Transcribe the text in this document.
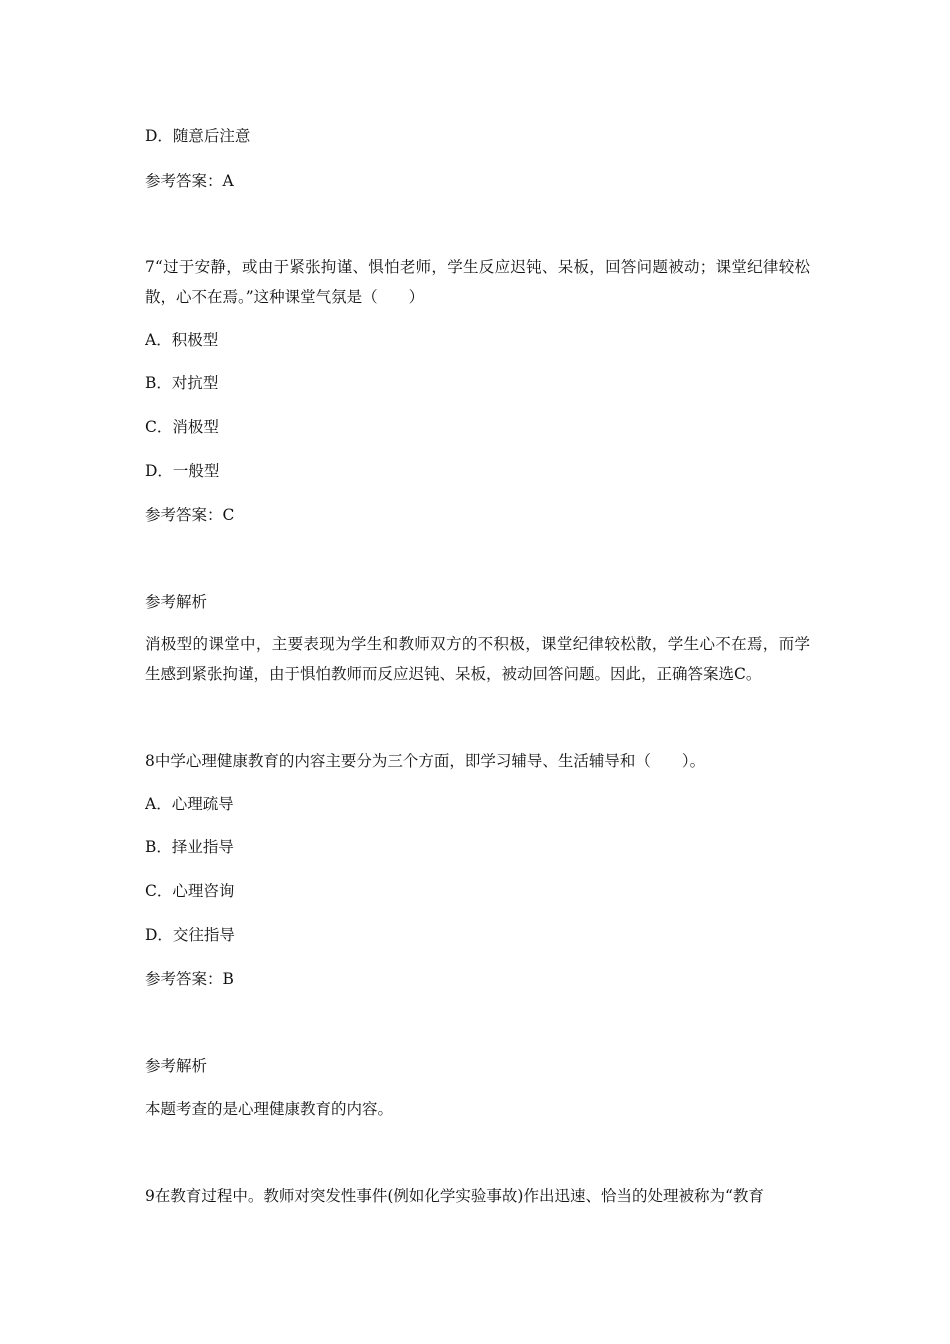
D．随意后注意
参考答案：A
7“过于安静，或由于紧张拘谨、惧怕老师，学生反应迟钝、呆板，回答问题被动；课堂纪律较松散，心不在焉。”这种课堂气氛是（　　）
A．积极型
B．对抗型
C．消极型
D．一般型
参考答案：C
参考解析
消极型的课堂中，主要表现为学生和教师双方的不积极，课堂纪律较松散，学生心不在焉，而学生感到紧张拘谨，由于惧怕教师而反应迟钝、呆板，被动回答问题。因此，正确答案选C。
8中学心理健康教育的内容主要分为三个方面，即学习辅导、生活辅导和（　　）。
A．心理疏导
B．择业指导
C．心理咨询
D．交往指导
参考答案：B
参考解析
本题考查的是心理健康教育的内容。
9在教育过程中。教师对突发性事件(例如化学实验事故)作出迅速、恰当的处理被称为“教育
